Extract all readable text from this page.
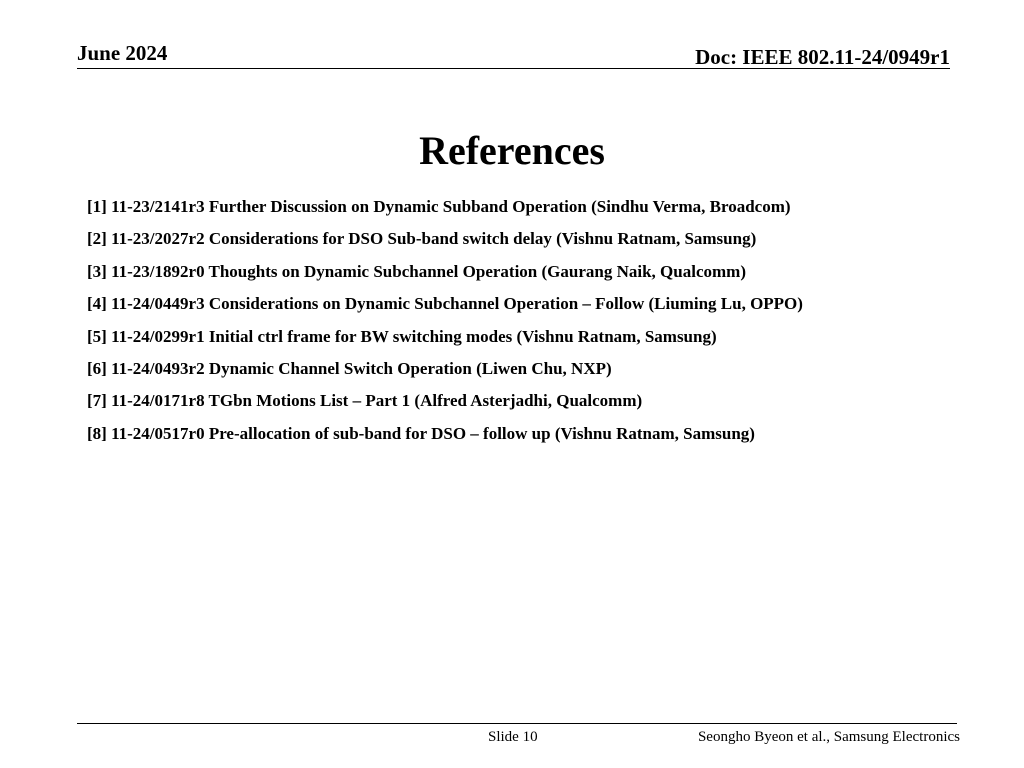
June 2024	Doc: IEEE 802.11-24/0949r1
References
[1] 11-23/2141r3 Further Discussion on Dynamic Subband Operation (Sindhu Verma, Broadcom)
[2] 11-23/2027r2 Considerations for DSO Sub-band switch delay (Vishnu Ratnam, Samsung)
[3] 11-23/1892r0 Thoughts on Dynamic Subchannel Operation (Gaurang Naik, Qualcomm)
[4] 11-24/0449r3 Considerations on Dynamic Subchannel Operation – Follow (Liuming Lu, OPPO)
[5] 11-24/0299r1 Initial ctrl frame for BW switching modes (Vishnu Ratnam, Samsung)
[6] 11-24/0493r2 Dynamic Channel Switch Operation (Liwen Chu, NXP)
[7] 11-24/0171r8 TGbn Motions List – Part 1 (Alfred Asterjadhi, Qualcomm)
[8] 11-24/0517r0 Pre-allocation of sub-band for DSO – follow up (Vishnu Ratnam, Samsung)
Slide 10	Seongho Byeon et al., Samsung Electronics
